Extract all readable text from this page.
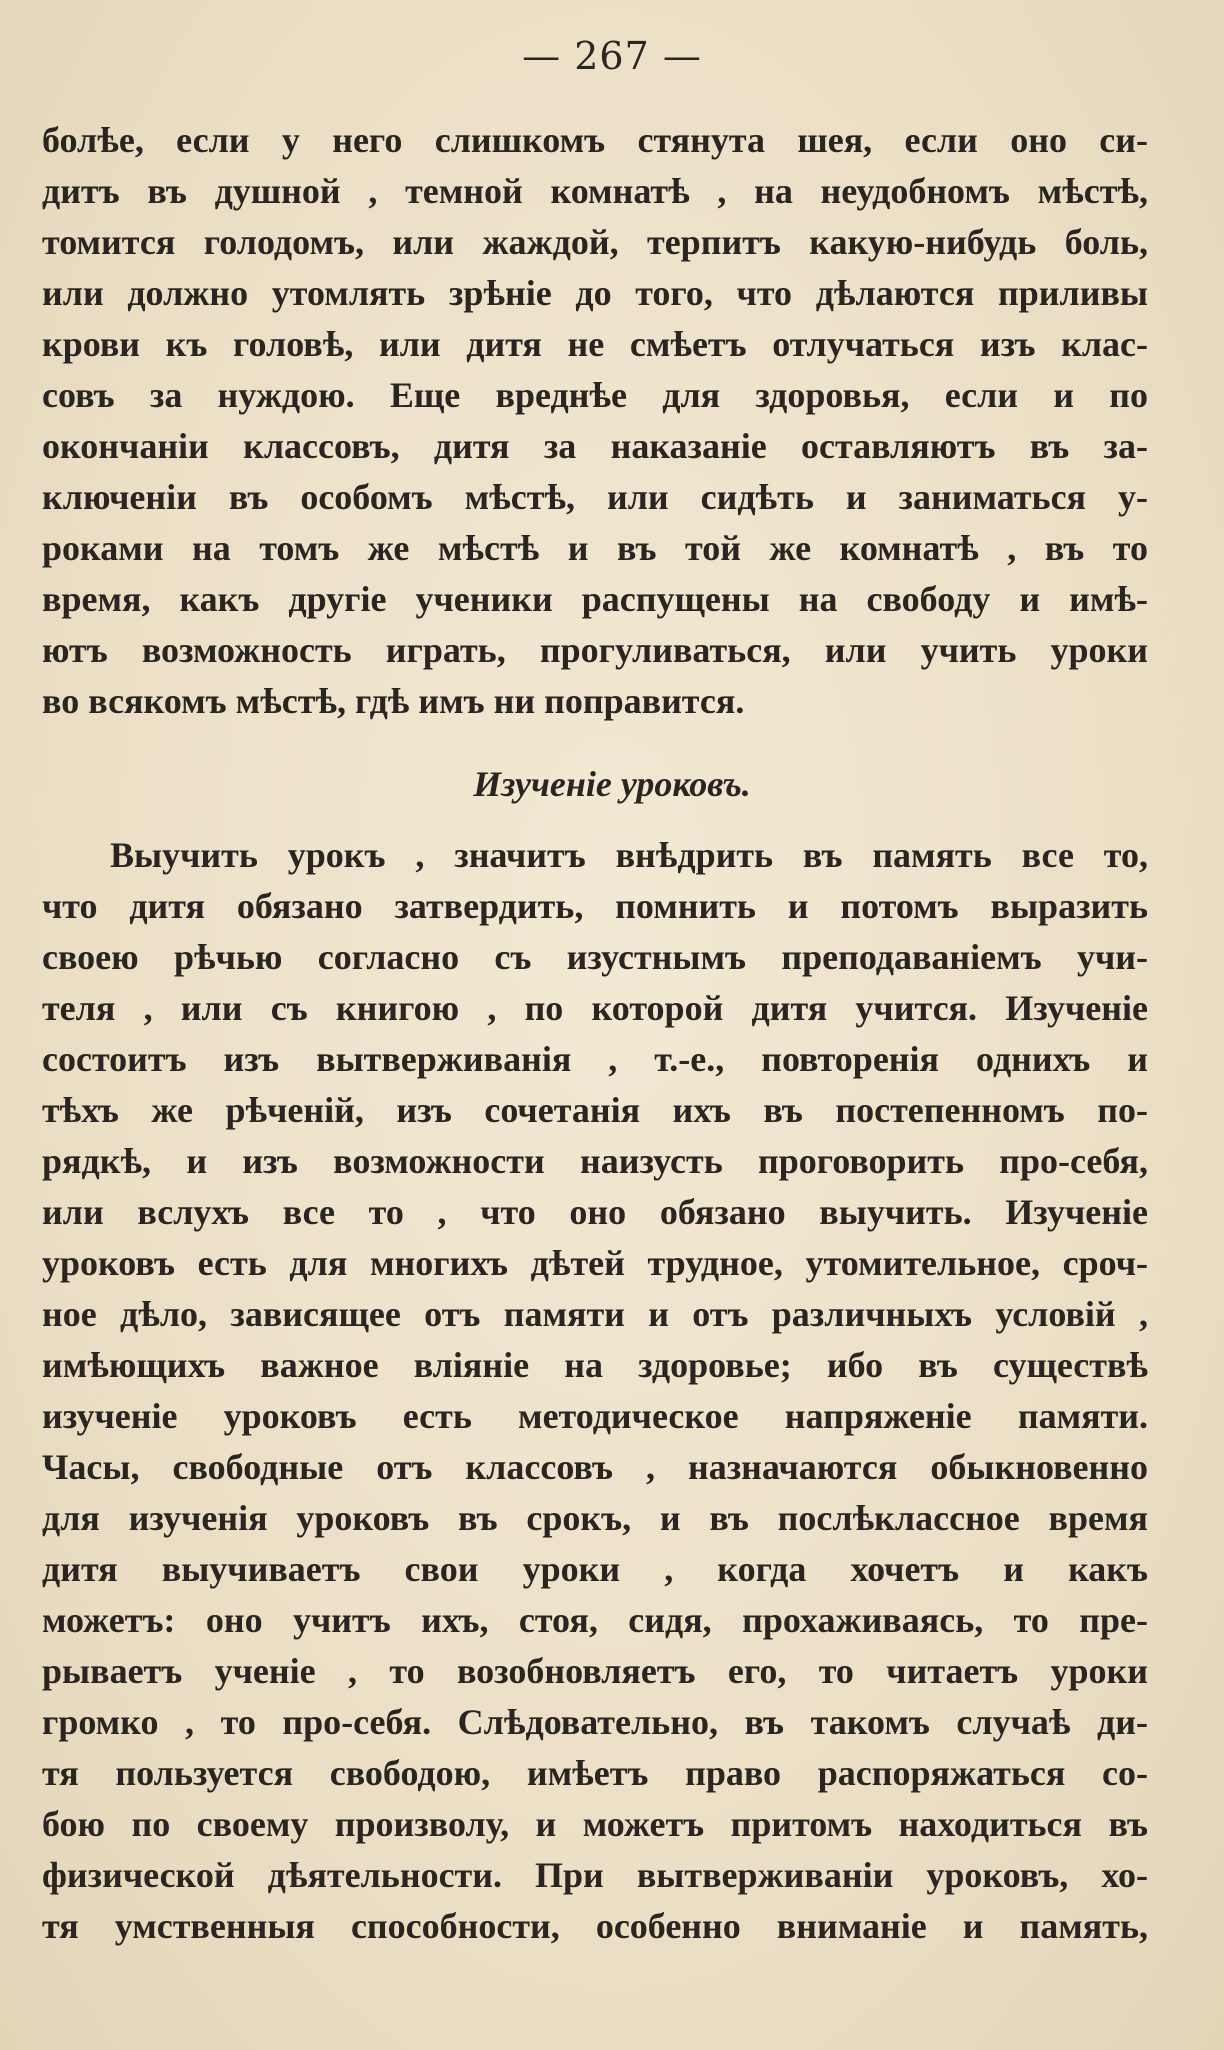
— 267 —
болѣе, если у него слишкомъ стянута шея, если оно си-
дитъ въ душной , темной комнатѣ , на неудобномъ мѣстѣ,
томится голодомъ, или жаждой, терпитъ какую-нибудь боль,
или должно утомлять зрѣніе до того, что дѣлаются приливы
крови къ головѣ, или дитя не смѣетъ отлучаться изъ клас-
совъ за нуждою. Еще вреднѣе для здоровья, если и по
окончаніи классовъ, дитя за наказаніе оставляютъ въ за-
ключеніи въ особомъ мѣстѣ, или сидѣть и заниматься у-
роками на томъ же мѣстѣ и въ той же комнатѣ , въ то
время, какъ другіе ученики распущены на свободу и имѣ-
ютъ возможность играть, прогуливаться, или учить уроки
во всякомъ мѣстѣ, гдѣ имъ ни поправится.
Изученіе уроковъ.
Выучить урокъ , значитъ внѣдрить въ память все то,
что дитя обязано затвердить, помнить и потомъ выразить
своею рѣчью согласно съ изустнымъ преподаваніемъ учи-
теля , или съ книгою , по которой дитя учится. Изученіе
состоитъ изъ вытверживанія , т.-е., повторенія однихъ и
тѣхъ же рѣченій, изъ сочетанія ихъ въ постепенномъ по-
рядкѣ, и изъ возможности наизусть проговорить про-себя,
или вслухъ все то , что оно обязано выучить. Изученіе
уроковъ есть для многихъ дѣтей трудное, утомительное, сроч-
ное дѣло, зависящее отъ памяти и отъ различныхъ условій ,
имѣющихъ важное вліяніе на здоровье; ибо въ существѣ
изученіе уроковъ есть методическое напряженіе памяти.
Часы, свободные отъ классовъ , назначаются обыкновенно
для изученія уроковъ въ срокъ, и въ послѣклассное время
дитя выучиваетъ свои уроки , когда хочетъ и какъ
можетъ: оно учитъ ихъ, стоя, сидя, прохаживаясь, то пре-
рываетъ ученіе , то возобновляетъ его, то читаетъ уроки
громко , то про-себя. Слѣдовательно, въ такомъ случаѣ ди-
тя пользуется свободою, имѣетъ право распоряжаться со-
бою по своему произволу, и можетъ притомъ находиться въ
физической дѣятельности. При вытверживаніи уроковъ, хо-
тя умственныя способности, особенно вниманіе и память,
